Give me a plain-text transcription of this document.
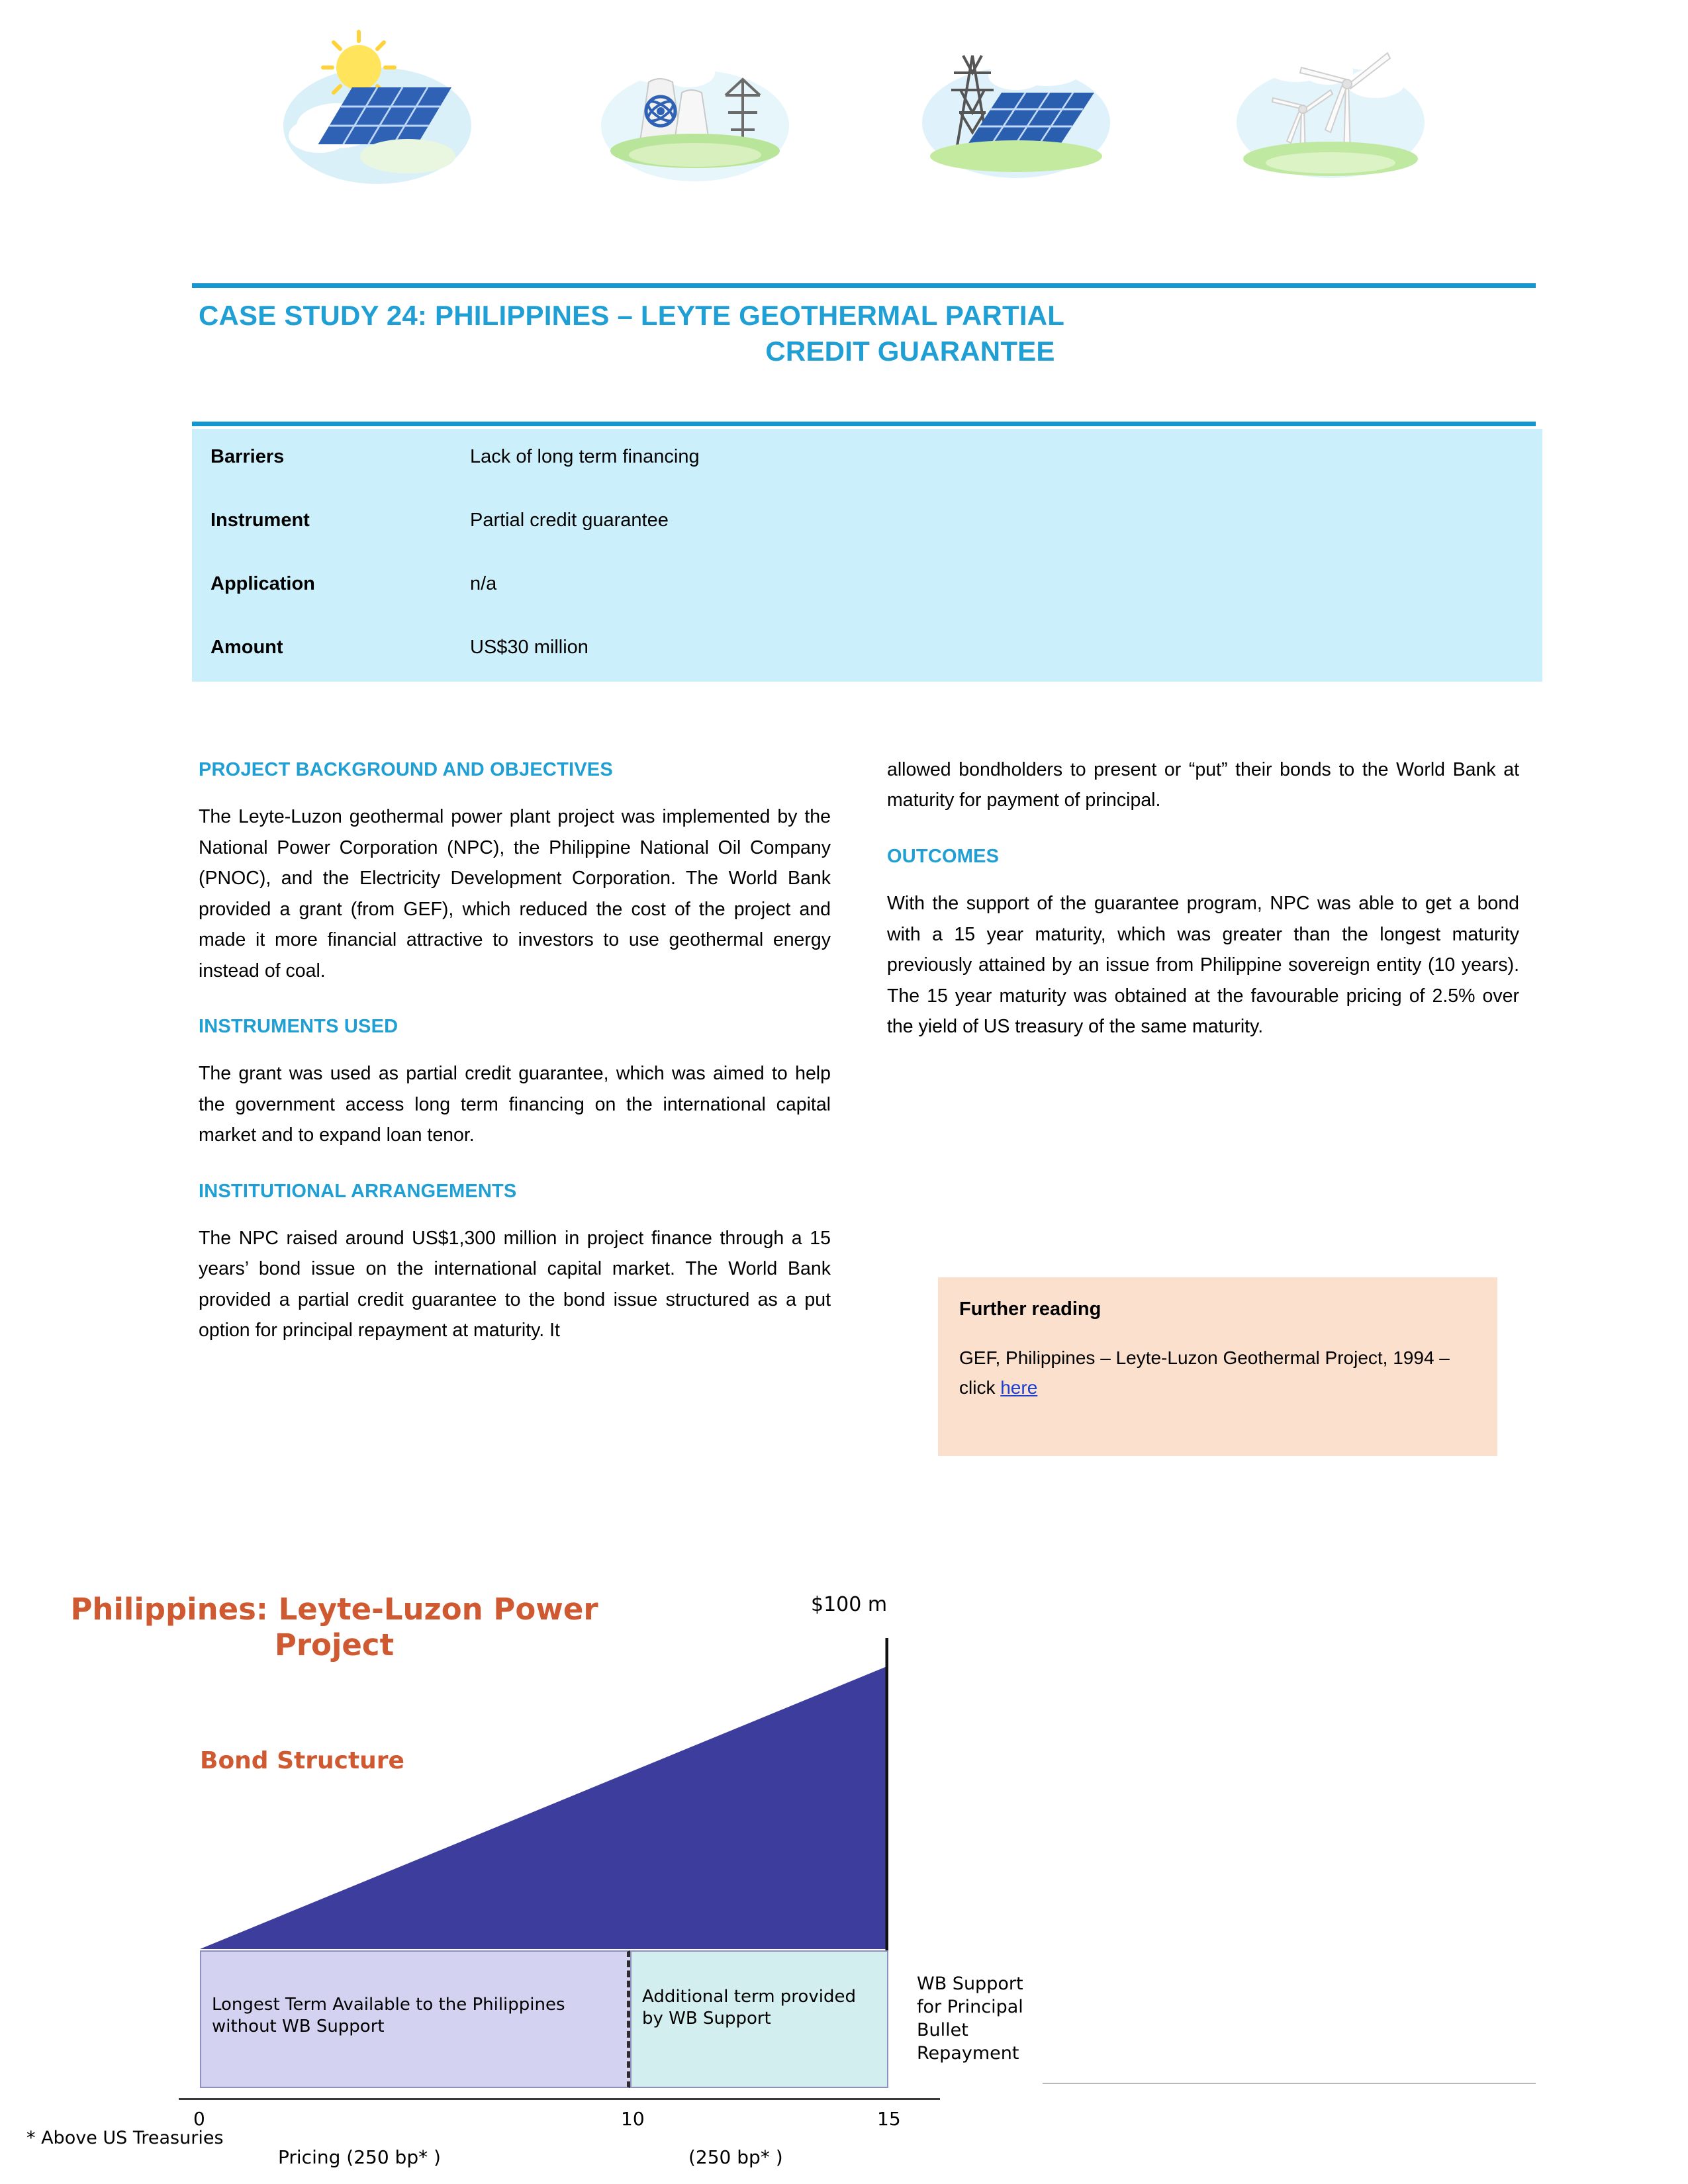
CASE STUDY 24: PHILIPPINES – LEYTE GEOTHERMAL PARTIAL
CREDIT GUARANTEE
Barriers	Lack of long term financing
Instrument	Partial credit guarantee
Application	n/a
Amount	US$30 million
PROJECT BACKGROUND AND OBJECTIVES

The Leyte-Luzon geothermal power plant project was implemented by the National Power Corporation (NPC), the Philippine National Oil Company (PNOC), and the Electricity Development Corporation. The World Bank provided a grant (from GEF), which reduced the cost of the project and made it more financial attractive to investors to use geothermal energy instead of coal.

INSTRUMENTS USED

The grant was used as partial credit guarantee, which was aimed to help the government access long term financing on the international capital market and to expand loan tenor.

INSTITUTIONAL ARRANGEMENTS

The NPC raised around US$1,300 million in project finance through a 15 years’ bond issue on the international capital market. The World Bank provided a partial credit guarantee to the bond issue structured as a put option for principal repayment at maturity. It

allowed bondholders to present or “put” their bonds to the World Bank at maturity for payment of principal.

OUTCOMES

With the support of the guarantee program, NPC was able to get a bond with a 15 year maturity, which was greater than the longest maturity previously attained by an issue from Philippine sovereign entity (10 years). The 15 year maturity was obtained at the favourable pricing of 2.5% over the yield of US treasury of the same maturity.

Further reading
GEF, Philippines – Leyte-Luzon Geothermal Project, 1994 – click here
Philippines: Leyte-Luzon Power Project
Bond Structure
$100 m
Longest Term Available to the Philippines without WB Support
Additional term provided by WB Support
WB Support for Principal Bullet Repayment
0	10	15
Pricing (250 bp* )	(250 bp* )
* Above US Treasuries
